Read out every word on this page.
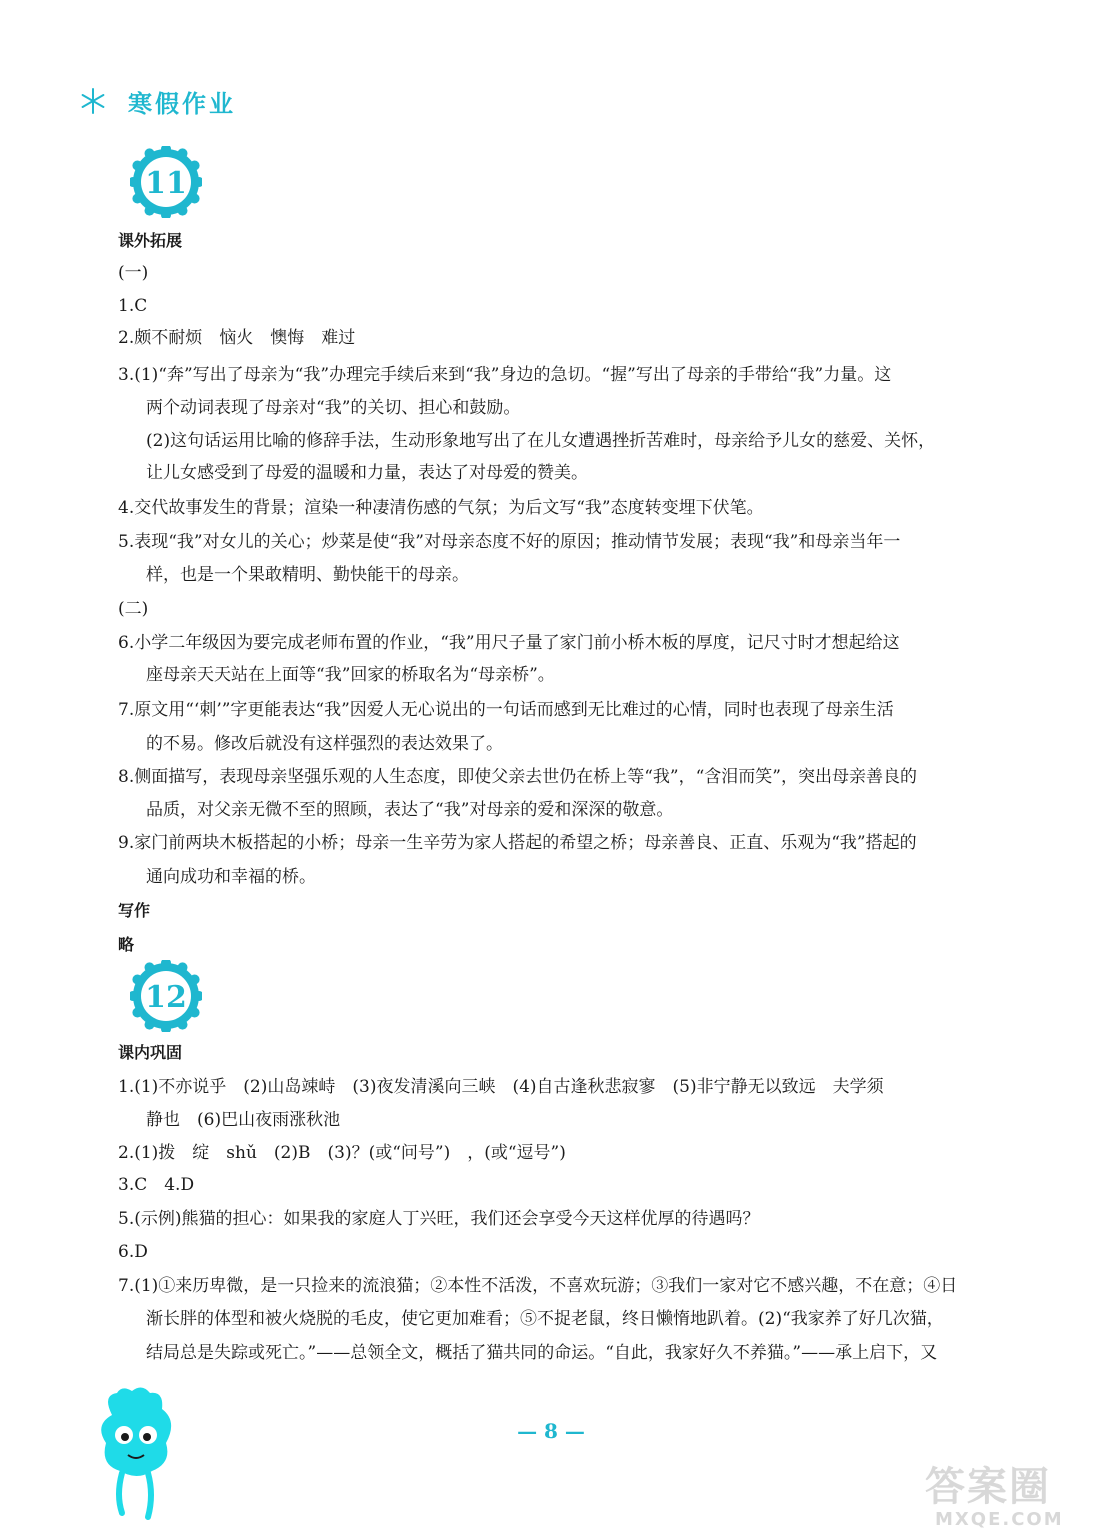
寒假作业
11
课外拓展
(一)
1.C
2.颇不耐烦　恼火　懊悔　难过
3.(1)“奔”写出了母亲为“我”办理完手续后来到“我”身边的急切。“握”写出了母亲的手带给“我”力量。这
两个动词表现了母亲对“我”的关切、担心和鼓励。
(2)这句话运用比喻的修辞手法，生动形象地写出了在儿女遭遇挫折苦难时，母亲给予儿女的慈爱、关怀，
让儿女感受到了母爱的温暖和力量，表达了对母爱的赞美。
4.交代故事发生的背景；渲染一种凄清伤感的气氛；为后文写“我”态度转变埋下伏笔。
5.表现“我”对女儿的关心；炒菜是使“我”对母亲态度不好的原因；推动情节发展；表现“我”和母亲当年一
样，也是一个果敢精明、勤快能干的母亲。
(二)
6.小学二年级因为要完成老师布置的作业，“我”用尺子量了家门前小桥木板的厚度，记尺寸时才想起给这
座母亲天天站在上面等“我”回家的桥取名为“母亲桥”。
7.原文用“‘刺’”字更能表达“我”因爱人无心说出的一句话而感到无比难过的心情，同时也表现了母亲生活
的不易。修改后就没有这样强烈的表达效果了。
8.侧面描写，表现母亲坚强乐观的人生态度，即使父亲去世仍在桥上等“我”，“含泪而笑”，突出母亲善良的
品质，对父亲无微不至的照顾，表达了“我”对母亲的爱和深深的敬意。
9.家门前两块木板搭起的小桥；母亲一生辛劳为家人搭起的希望之桥；母亲善良、正直、乐观为“我”搭起的
通向成功和幸福的桥。
写作
略
12
课内巩固
1.(1)不亦说乎　(2)山岛竦峙　(3)夜发清溪向三峡　(4)自古逢秋悲寂寥　(5)非宁静无以致远　夫学须
静也　(6)巴山夜雨涨秋池
2.(1)拨　绽　shǔ　(2)B　(3)？(或“问号”)　，(或“逗号”)
3.C　4.D
5.(示例)熊猫的担心：如果我的家庭人丁兴旺，我们还会享受今天这样优厚的待遇吗？
6.D
7.(1)①来历卑微，是一只捡来的流浪猫；②本性不活泼，不喜欢玩游；③我们一家对它不感兴趣，不在意；④日
渐长胖的体型和被火烧脱的毛皮，使它更加难看；⑤不捉老鼠，终日懒惰地趴着。(2)“我家养了好几次猫，
结局总是失踪或死亡。”——总领全文，概括了猫共同的命运。“自此，我家好久不养猫。”——承上启下，又
— 8 —
答案圈
MXQE.COM
